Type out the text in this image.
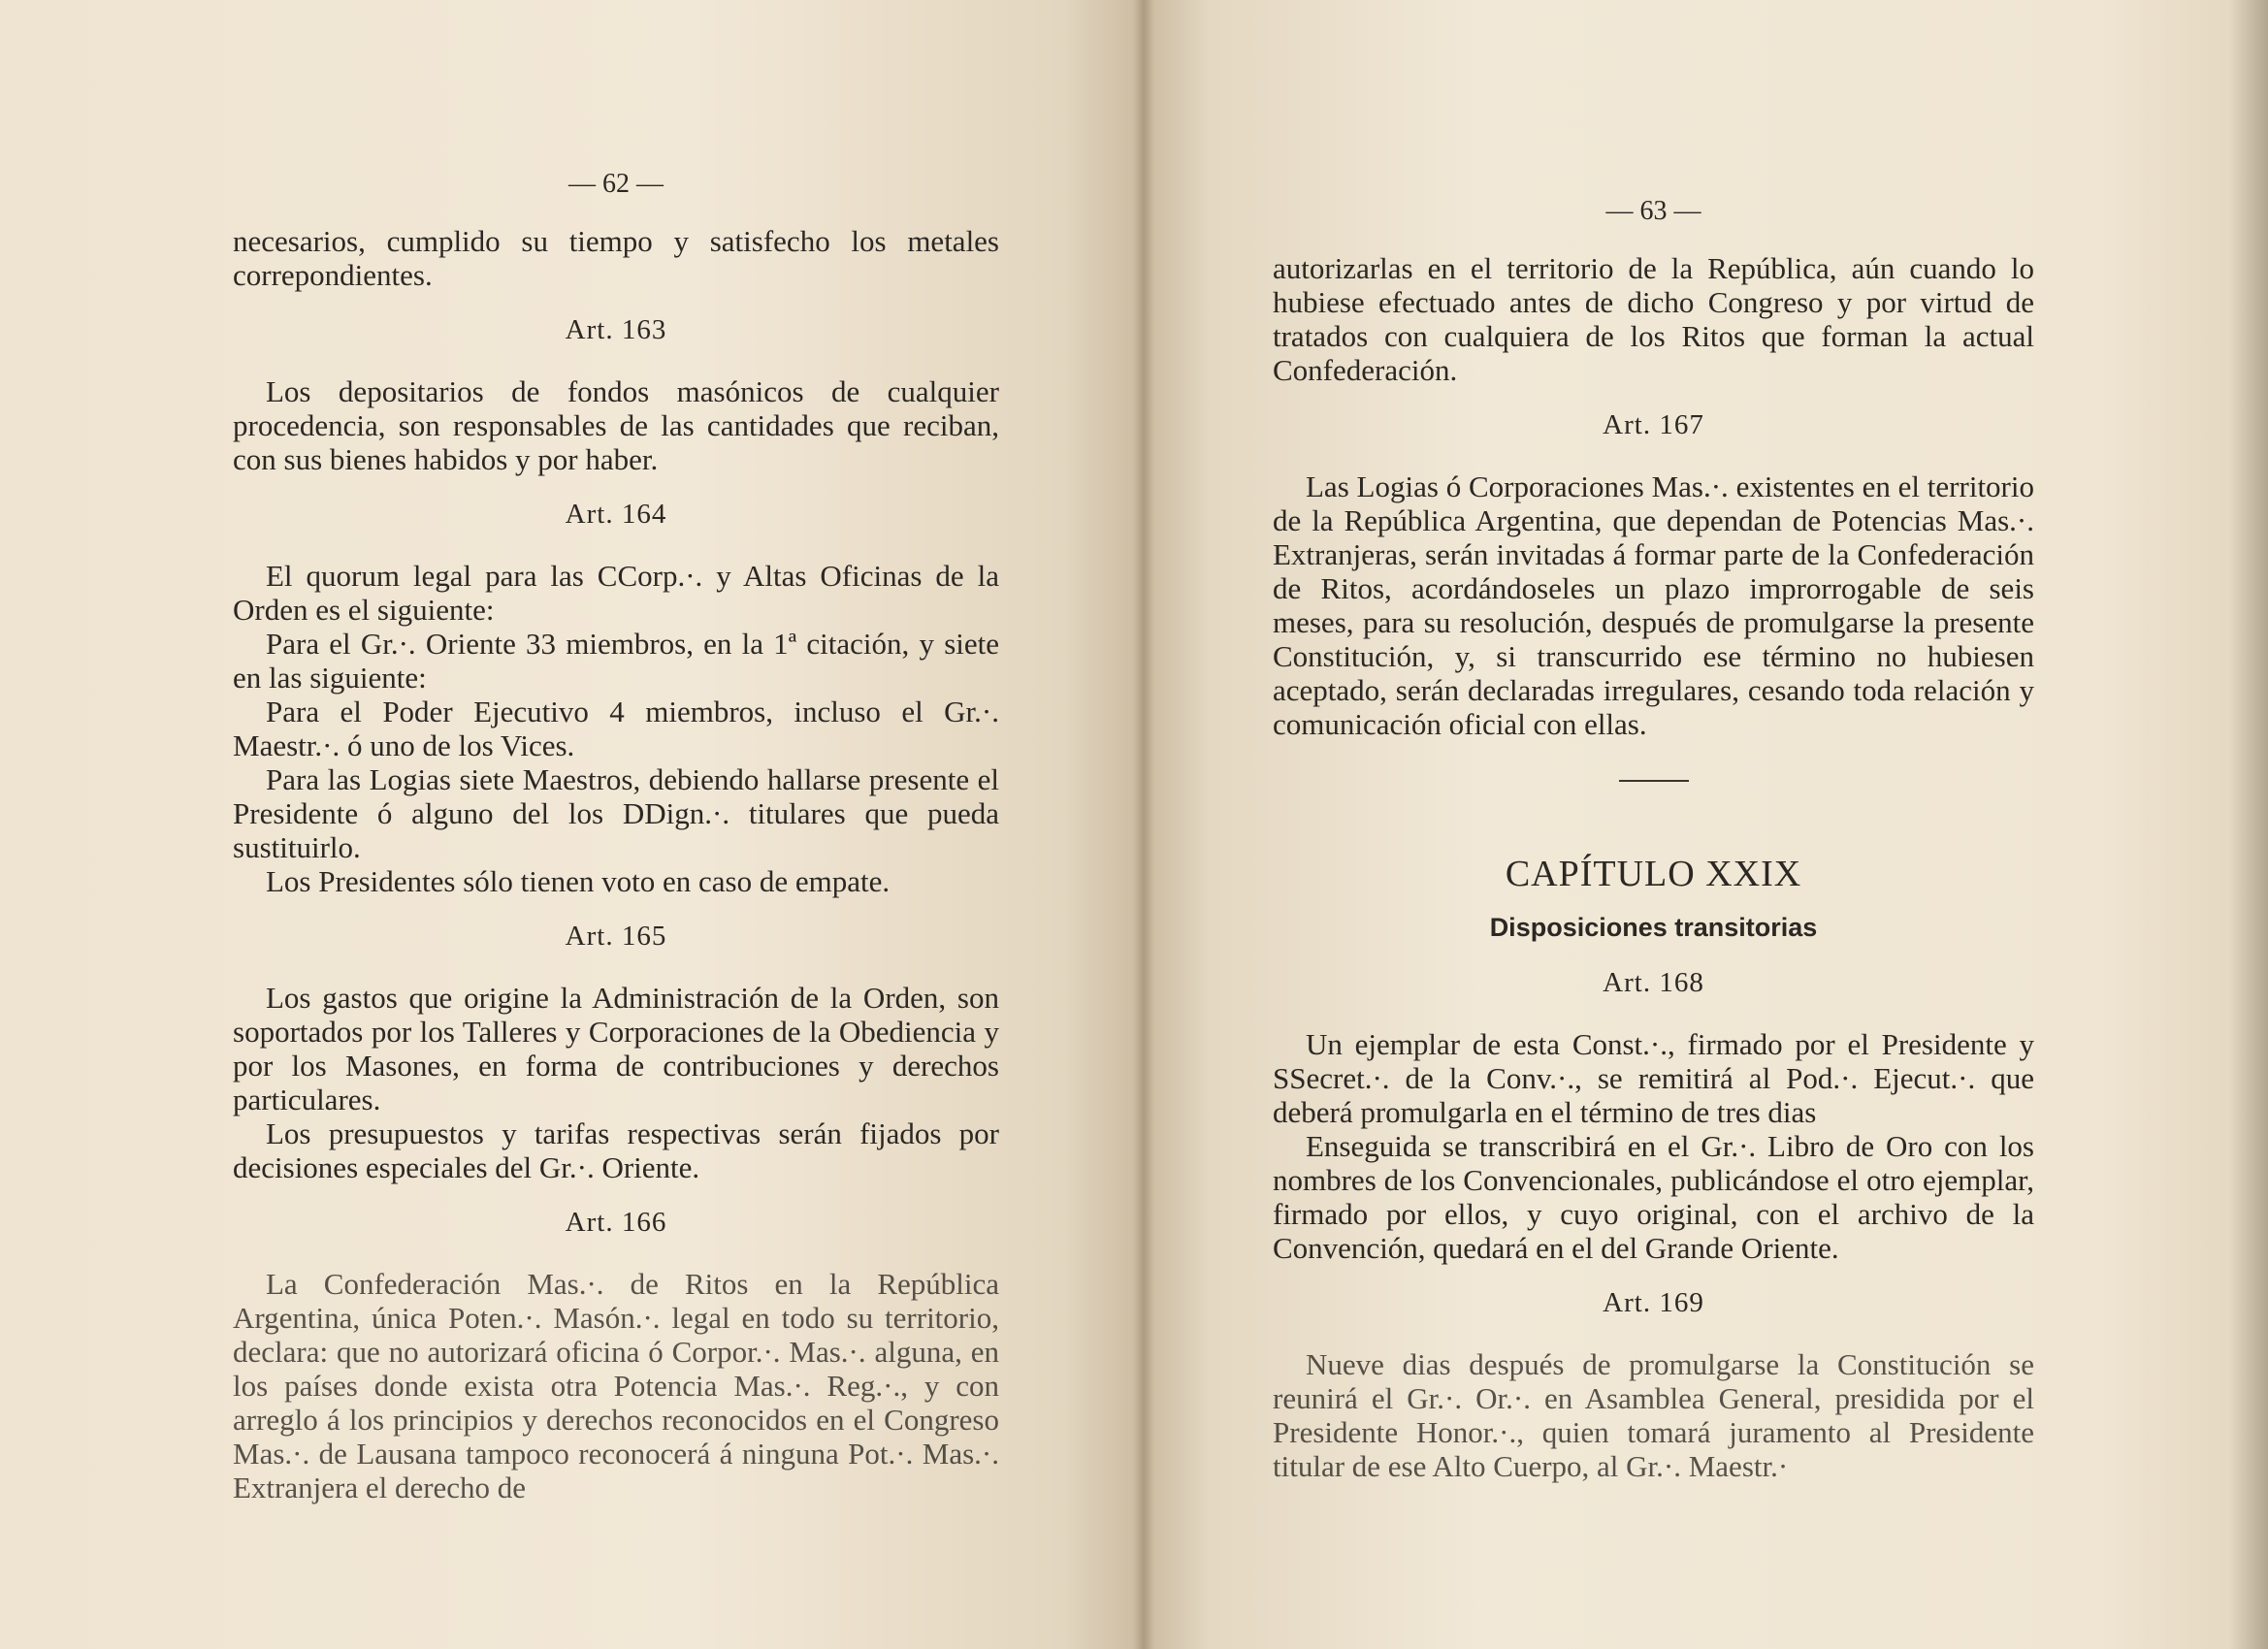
— 62 —

necesarios, cumplido su tiempo y satisfecho los metales correpondientes.

Art. 163

Los depositarios de fondos masónicos de cualquier procedencia, son responsables de las cantidades que reciban, con sus bienes habidos y por haber.

Art. 164

El quorum legal para las CCorp.·. y Altas Oficinas de la Orden es el siguiente:

Para el Gr.·. Oriente 33 miembros, en la 1ª citación, y siete en las siguiente:

Para el Poder Ejecutivo 4 miembros, incluso el Gr.·. Maestr.·. ó uno de los Vices.

Para las Logias siete Maestros, debiendo hallarse presente el Presidente ó alguno del los DDign.·. titulares que pueda sustituirlo.

Los Presidentes sólo tienen voto en caso de empate.

Art. 165

Los gastos que origine la Administración de la Orden, son soportados por los Talleres y Corporaciones de la Obediencia y por los Masones, en forma de contribuciones y derechos particulares.

Los presupuestos y tarifas respectivas serán fijados por decisiones especiales del Gr.·. Oriente.

Art. 166

La Confederación Mas.·. de Ritos en la República Argentina, única Poten.·. Masón.·. legal en todo su territorio, declara: que no autorizará oficina ó Corpor.·. Mas.·. alguna, en los países donde exista otra Potencia Mas.·. Reg.·., y con arreglo á los principios y derechos reconocidos en el Congreso Mas.·. de Lausana tampoco reconocerá á ninguna Pot.·. Mas.·. Extranjera el derecho de

— 63 —

autorizarlas en el territorio de la República, aún cuando lo hubiese efectuado antes de dicho Congreso y por virtud de tratados con cualquiera de los Ritos que forman la actual Confederación.

Art. 167

Las Logias ó Corporaciones Mas.·. existentes en el territorio de la República Argentina, que dependan de Potencias Mas.·. Extranjeras, serán invitadas á formar parte de la Confederación de Ritos, acordándoseles un plazo improrrogable de seis meses, para su resolución, después de promulgarse la presente Constitución, y, si transcurrido ese término no hubiesen aceptado, serán declaradas irregulares, cesando toda relación y comunicación oficial con ellas.

CAPÍTULO XXIX
Disposiciones transitorias
Art. 168

Un ejemplar de esta Const.·., firmado por el Presidente y SSecret.·. de la Conv.·., se remitirá al Pod.·. Ejecut.·. que deberá promulgarla en el término de tres dias

Enseguida se transcribirá en el Gr.·. Libro de Oro con los nombres de los Convencionales, publicándose el otro ejemplar, firmado por ellos, y cuyo original, con el archivo de la Convención, quedará en el del Grande Oriente.

Art. 169

Nueve dias después de promulgarse la Constitución se reunirá el Gr.·. Or.·. en Asamblea General, presidida por el Presidente Honor.·., quien tomará juramento al Presidente titular de ese Alto Cuerpo, al Gr.·. Maestr.·
